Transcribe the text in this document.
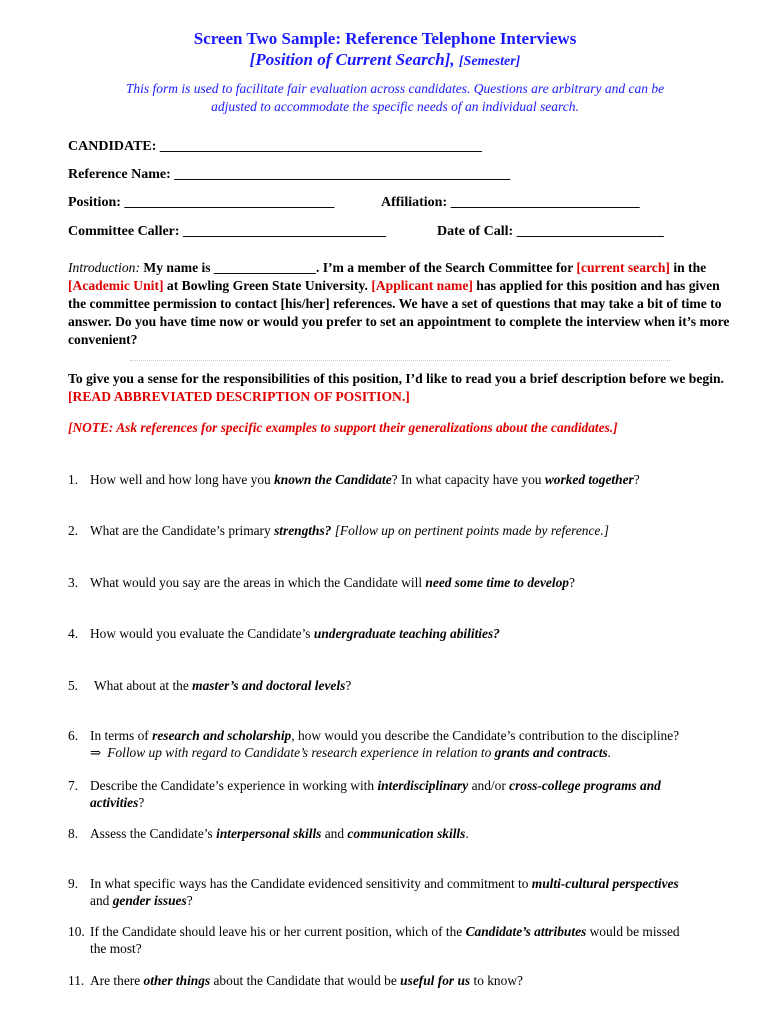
Screen Two Sample: Reference Telephone Interviews
[Position of Current Search], [Semester]
This form is used to facilitate fair evaluation across candidates. Questions are arbitrary and can be
adjusted to accommodate the specific needs of an individual search.
CANDIDATE: ______________________________________________
Reference Name: ________________________________________________
Position: ______________________________	Affiliation: ___________________________
Committee Caller: _____________________________	Date of Call: _____________________
Introduction: My name is _______________. I’m a member of the Search Committee for [current search] in the [Academic Unit] at Bowling Green State University. [Applicant name] has applied for this position and has given the committee permission to contact [his/her] references. We have a set of questions that may take a bit of time to answer. Do you have time now or would you prefer to set an appointment to complete the interview when it’s more convenient?
To give you a sense for the responsibilities of this position, I’d like to read you a brief description before we begin. [READ ABBREVIATED DESCRIPTION OF POSITION.]
[NOTE: Ask references for specific examples to support their generalizations about the candidates.]
1. How well and how long have you known the Candidate? In what capacity have you worked together?
2. What are the Candidate’s primary strengths? [Follow up on pertinent points made by reference.]
3. What would you say are the areas in which the Candidate will need some time to develop?
4. How would you evaluate the Candidate’s undergraduate teaching abilities?
5. What about at the master’s and doctoral levels?
6. In terms of research and scholarship, how would you describe the Candidate’s contribution to the discipline?
⇒ Follow up with regard to Candidate’s research experience in relation to grants and contracts.
7. Describe the Candidate’s experience in working with interdisciplinary and/or cross-college programs and
activities?
8. Assess the Candidate’s interpersonal skills and communication skills.
9. In what specific ways has the Candidate evidenced sensitivity and commitment to multi-cultural perspectives
and gender issues?
10. If the Candidate should leave his or her current position, which of the Candidate’s attributes would be missed
the most?
11. Are there other things about the Candidate that would be useful for us to know?
